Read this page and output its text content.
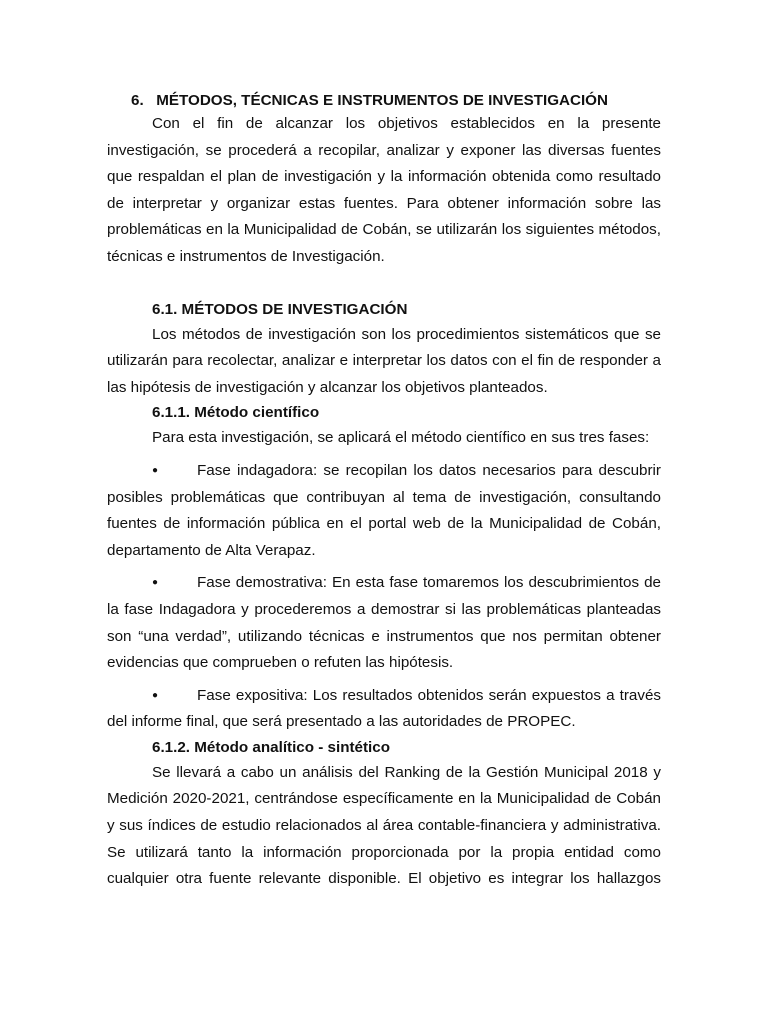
6. MÉTODOS, TÉCNICAS E INSTRUMENTOS DE INVESTIGACIÓN

Con el fin de alcanzar los objetivos establecidos en la presente investigación, se procederá a recopilar, analizar y exponer las diversas fuentes que respaldan el plan de investigación y la información obtenida como resultado de interpretar y organizar estas fuentes. Para obtener información sobre las problemáticas en la Municipalidad de Cobán, se utilizarán los siguientes métodos, técnicas e instrumentos de Investigación.

6.1. MÉTODOS DE INVESTIGACIÓN

Los métodos de investigación son los procedimientos sistemáticos que se utilizarán para recolectar, analizar e interpretar los datos con el fin de responder a las hipótesis de investigación y alcanzar los objetivos planteados.

6.1.1. Método científico

Para esta investigación, se aplicará el método científico en sus tres fases:

●	Fase indagadora: se recopilan los datos necesarios para descubrir
posibles problemáticas que contribuyan al tema de investigación, consultando fuentes de información pública en el portal web de la Municipalidad de Cobán, departamento de Alta Verapaz.
●	Fase demostrativa: En esta fase tomaremos los descubrimientos de
la fase Indagadora y procederemos a demostrar si las problemáticas planteadas son “una verdad”, utilizando técnicas e instrumentos que nos permitan obtener evidencias que comprueben o refuten las hipótesis.
●	Fase expositiva: Los resultados obtenidos serán expuestos a través
del informe final, que será presentado a las autoridades de PROPEC.
6.1.2. Método analítico - sintético

Se llevará a cabo un análisis del Ranking de la Gestión Municipal 2018 y Medición 2020-2021, centrándose específicamente en la Municipalidad de Cobán y sus índices de estudio relacionados al área contable-financiera y administrativa. Se utilizará tanto la información proporcionada por la propia entidad como cualquier otra fuente relevante disponible. El objetivo es integrar los hallazgos
